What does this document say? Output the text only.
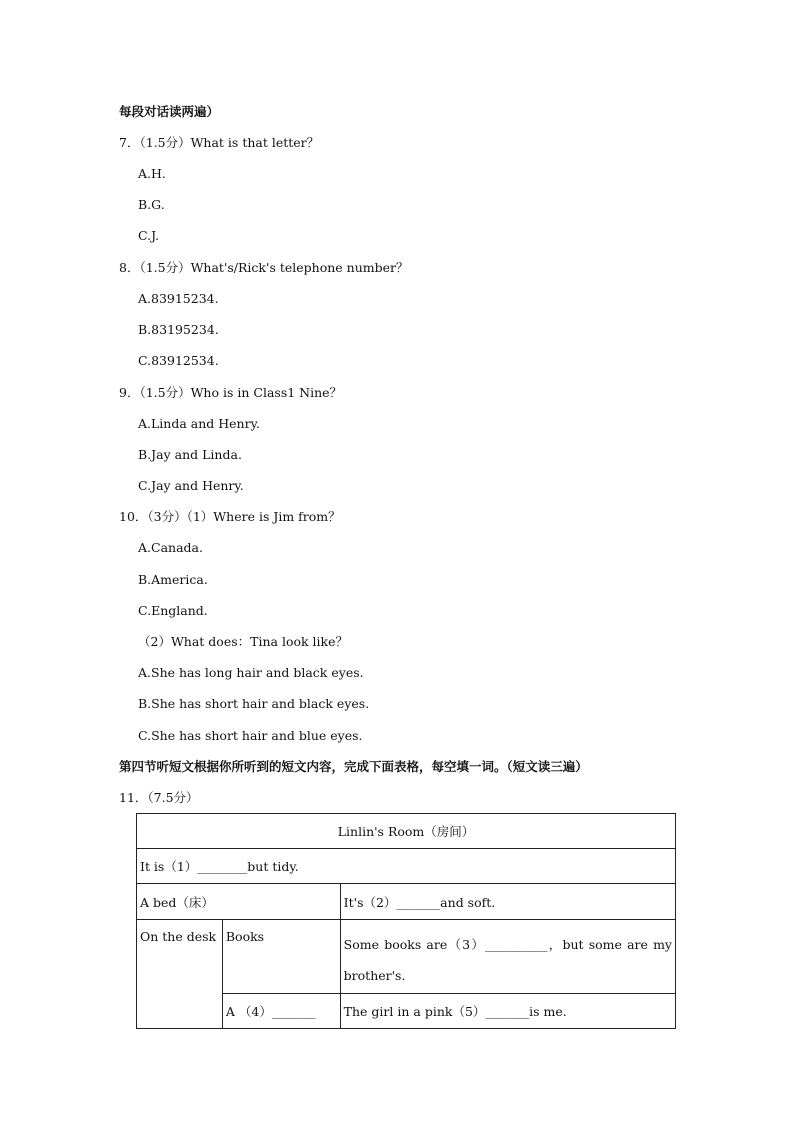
每段对话读两遍）
7．（1.5分）What is that letter？
A.H.
B.G.
C.J.
8．（1.5分）What's/Rick's telephone number？
A.83915234.
B.83195234.
C.83912534.
9．（1.5分）Who is in Class1 Nine？
A.Linda and Henry.
B.Jay and Linda.
C.Jay and Henry.
10．（3分）（1）Where is Jim from？
A.Canada.
B.America.
C.England.
（2）What does：Tina look like？
A.She has long hair and black eyes.
B.She has short hair and black eyes.
C.She has short hair and blue eyes.
第四节听短文根据你所听到的短文内容，完成下面表格，每空填一词。（短文读三遍）
11．（7.5分）
Linlin's Room（房间）		
It is（1）________but tidy.		
A bed（床）		It's（2）_______and soft.
On the desk	Books	Some books are（3）__________，but some are my brother's.
	A （4）_______	The girl in a pink（5）_______is me.
